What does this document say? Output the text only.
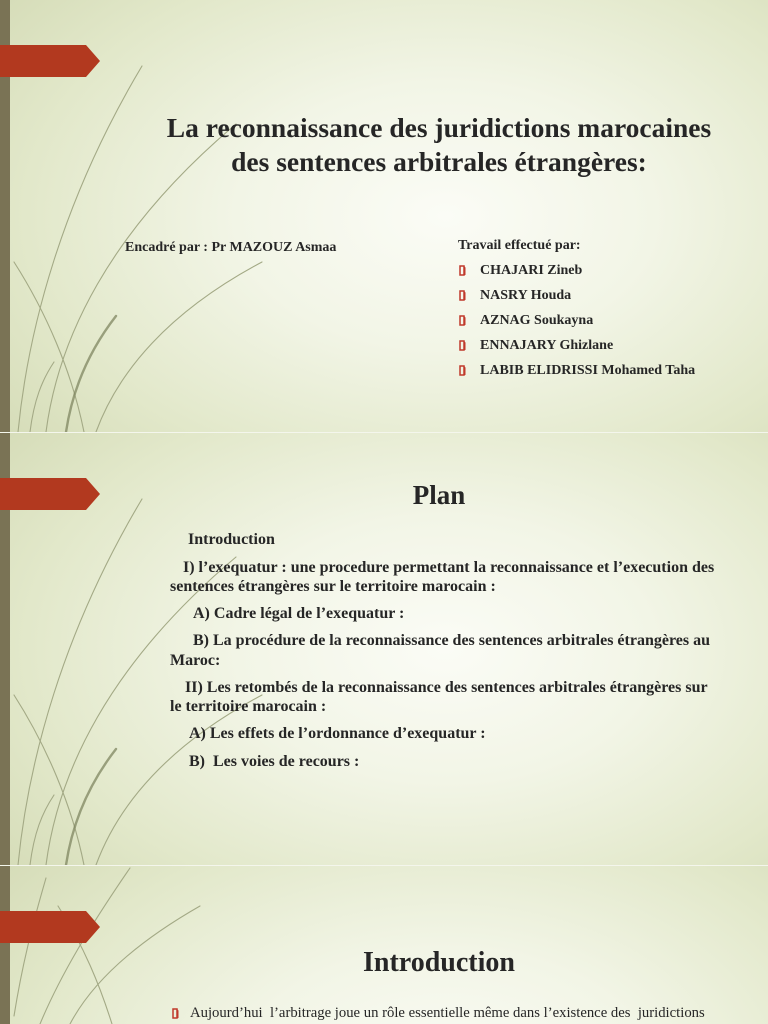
La reconnaissance des juridictions marocaines
des sentences arbitrales étrangères:

Encadré par : Pr MAZOUZ Asmaa	Travail effectué par:

CHAJARI Zineb
NASRY Houda
AZNAG Soukayna
ENNAJARY Ghizlane
LABIB ELIDRISSI Mohamed Taha
Plan
Introduction
I) l’exequatur : une procedure permettant la reconnaissance et l’execution des
sentences étrangères sur le territoire marocain :
A) Cadre légal de l’exequatur :
B) La procédure de la reconnaissance des sentences arbitrales étrangères au
Maroc:
II) Les retombés de la reconnaissance des sentences arbitrales étrangères sur
le territoire marocain :
A) Les effets de l’ordonnance d’exequatur :
B)  Les voies de recours :
Introduction

Aujourd’hui  l’arbitrage joue un rôle essentielle même dans l’existence des  juridictions
